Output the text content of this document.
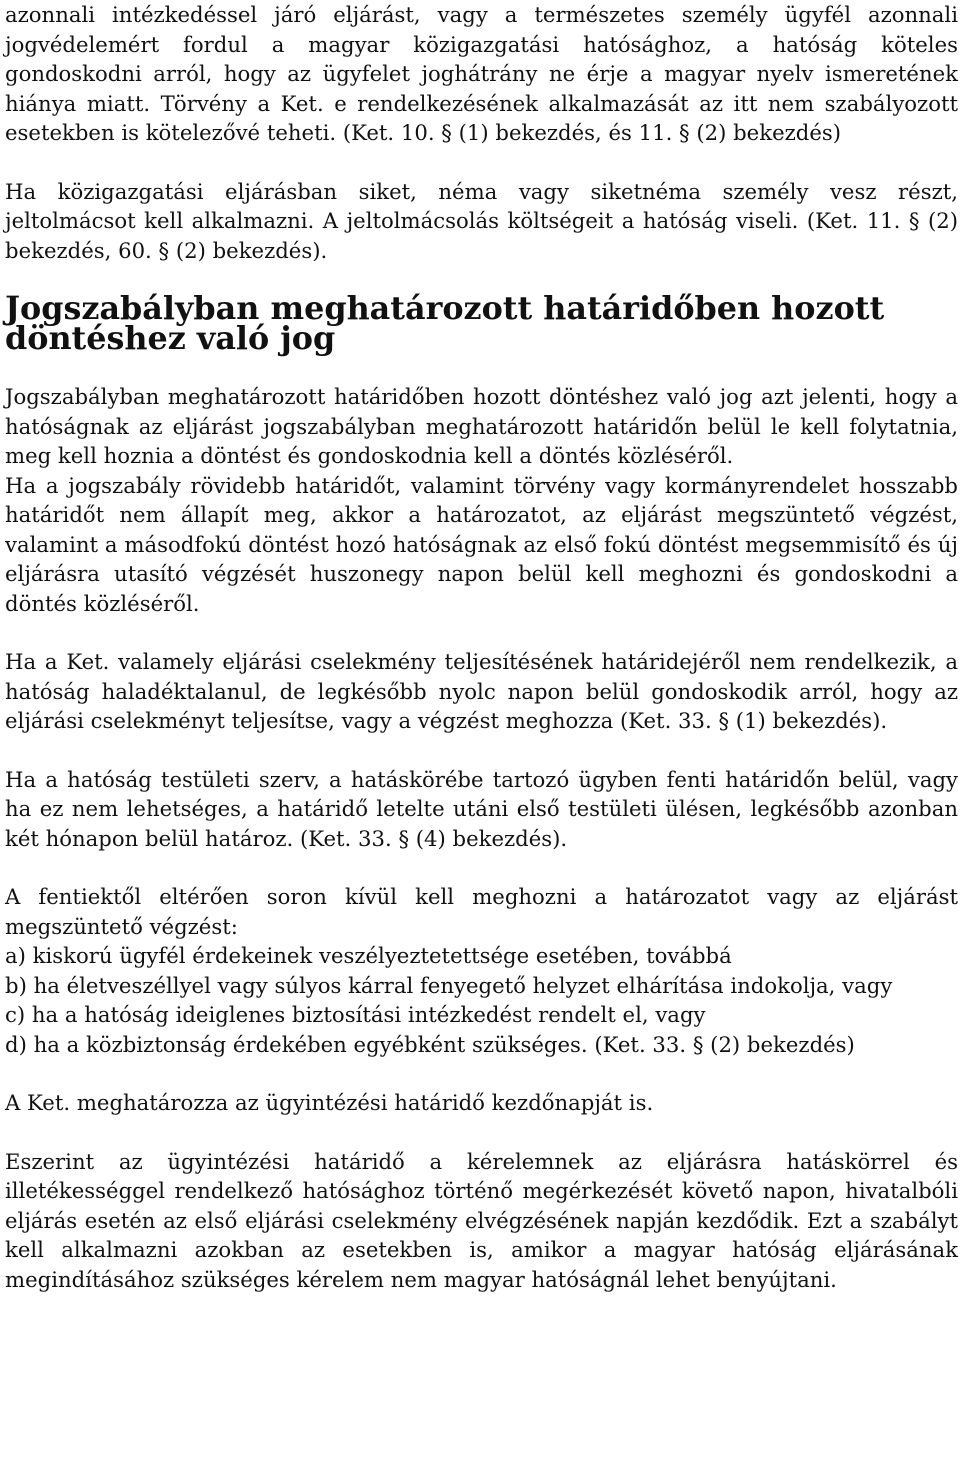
azonnali intézkedéssel járó eljárást, vagy a természetes személy ügyfél azonnali jogvédelemért fordul a magyar közigazgatási hatósághoz, a hatóság köteles gondoskodni arról, hogy az ügyfelet joghátrány ne érje a magyar nyelv ismeretének hiánya miatt. Törvény a Ket. e rendelkezésének alkalmazását az itt nem szabályozott esetekben is kötelezővé teheti. (Ket. 10. § (1) bekezdés, és 11. § (2) bekezdés)

Ha közigazgatási eljárásban siket, néma vagy siketnéma személy vesz részt, jeltolmácsot kell alkalmazni. A jeltolmácsolás költségeit a hatóság viseli. (Ket. 11. § (2) bekezdés, 60. § (2) bekezdés).

Jogszabályban meghatározott határidőben hozott döntéshez való jog

Jogszabályban meghatározott határidőben hozott döntéshez való jog azt jelenti, hogy a hatóságnak az eljárást jogszabályban meghatározott határidőn belül le kell folytatnia, meg kell hoznia a döntést és gondoskodnia kell a döntés közléséről.

Ha a jogszabály rövidebb határidőt, valamint törvény vagy kormányrendelet hosszabb határidőt nem állapít meg, akkor a határozatot, az eljárást megszüntető végzést, valamint a másodfokú döntést hozó hatóságnak az első fokú döntést megsemmisítő és új eljárásra utasító végzését huszonegy napon belül kell meghozni és gondoskodni a döntés közléséről.

Ha a Ket. valamely eljárási cselekmény teljesítésének határidejéről nem rendelkezik, a hatóság haladéktalanul, de legkésőbb nyolc napon belül gondoskodik arról, hogy az eljárási cselekményt teljesítse, vagy a végzést meghozza (Ket. 33. § (1) bekezdés).

Ha a hatóság testületi szerv, a hatáskörébe tartozó ügyben fenti határidőn belül, vagy ha ez nem lehetséges, a határidő letelte utáni első testületi ülésen, legkésőbb azonban két hónapon belül határoz. (Ket. 33. § (4) bekezdés).

A fentiektől eltérően soron kívül kell meghozni a határozatot vagy az eljárást megszüntető végzést:

a) kiskorú ügyfél érdekeinek veszélyeztetettsége esetében, továbbá

b) ha életveszéllyel vagy súlyos kárral fenyegető helyzet elhárítása indokolja, vagy

c) ha a hatóság ideiglenes biztosítási intézkedést rendelt el, vagy

d) ha a közbiztonság érdekében egyébként szükséges. (Ket. 33. § (2) bekezdés)

A Ket. meghatározza az ügyintézési határidő kezdőnapját is.

Eszerint az ügyintézési határidő a kérelemnek az eljárásra hatáskörrel és illetékességgel rendelkező hatósághoz történő megérkezését követő napon, hivatalbóli eljárás esetén az első eljárási cselekmény elvégzésének napján kezdődik. Ezt a szabályt kell alkalmazni azokban az esetekben is, amikor a magyar hatóság eljárásának megindításához szükséges kérelem nem magyar hatóságnál lehet benyújtani.
